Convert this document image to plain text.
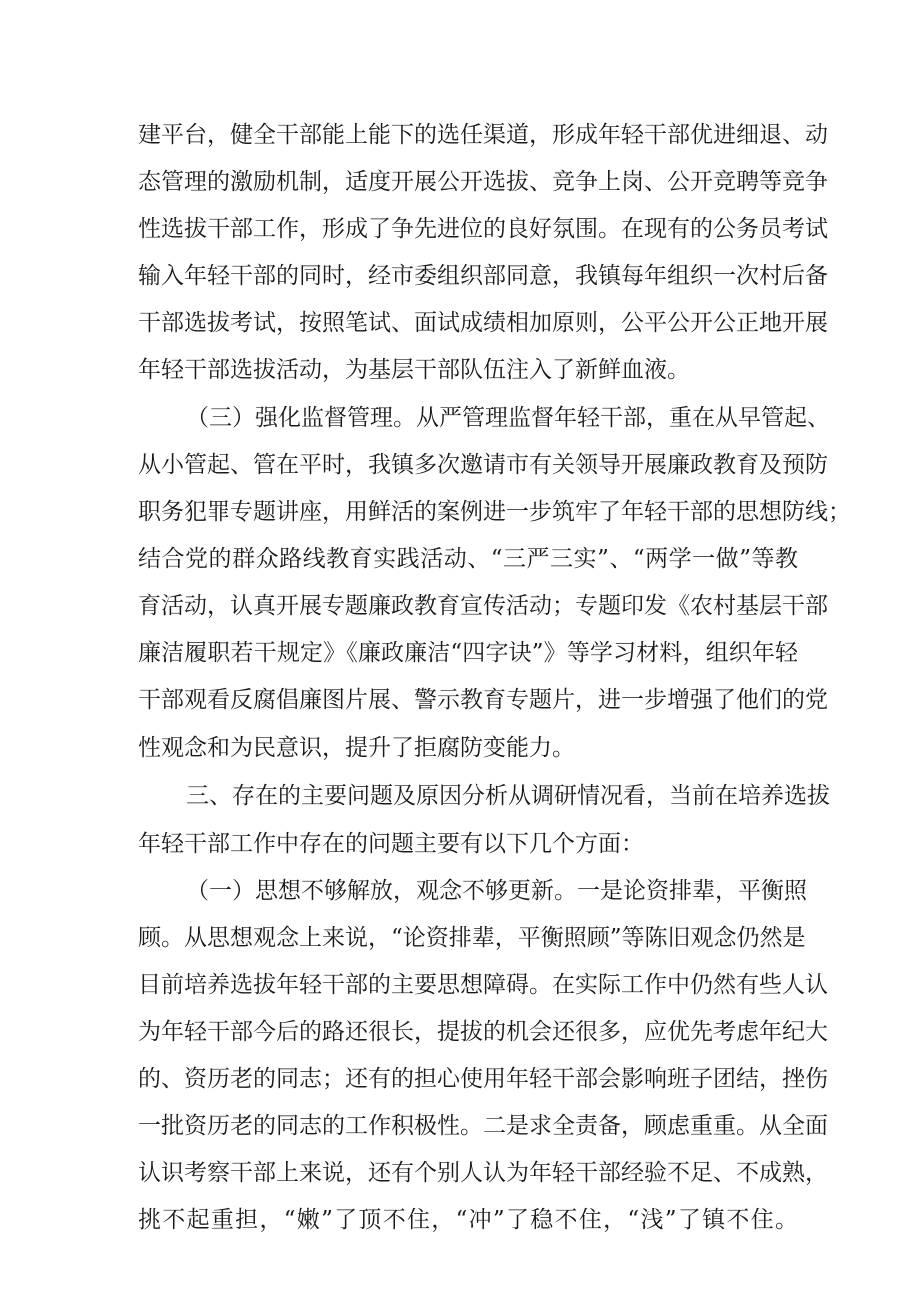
建平台，健全干部能上能下的选任渠道，形成年轻干部优进细退、动
态管理的激励机制，适度开展公开选拔、竞争上岗、公开竞聘等竞争
性选拔干部工作，形成了争先进位的良好氛围。在现有的公务员考试
输入年轻干部的同时，经市委组织部同意，我镇每年组织一次村后备
干部选拔考试，按照笔试、面试成绩相加原则，公平公开公正地开展
年轻干部选拔活动，为基层干部队伍注入了新鲜血液。
（三）强化监督管理。从严管理监督年轻干部，重在从早管起、
从小管起、管在平时，我镇多次邀请市有关领导开展廉政教育及预防
职务犯罪专题讲座，用鲜活的案例进一步筑牢了年轻干部的思想防线；
结合党的群众路线教育实践活动、“三严三实”、“两学一做”等教
育活动，认真开展专题廉政教育宣传活动；专题印发《农村基层干部
廉洁履职若干规定》《廉政廉洁“四字诀”》等学习材料，组织年轻
干部观看反腐倡廉图片展、警示教育专题片，进一步增强了他们的党
性观念和为民意识，提升了拒腐防变能力。
三、存在的主要问题及原因分析从调研情况看，当前在培养选拔
年轻干部工作中存在的问题主要有以下几个方面：
（一）思想不够解放，观念不够更新。一是论资排辈，平衡照
顾。从思想观念上来说，“论资排辈，平衡照顾”等陈旧观念仍然是
目前培养选拔年轻干部的主要思想障碍。在实际工作中仍然有些人认
为年轻干部今后的路还很长，提拔的机会还很多，应优先考虑年纪大
的、资历老的同志；还有的担心使用年轻干部会影响班子团结，挫伤
一批资历老的同志的工作积极性。二是求全责备，顾虑重重。从全面
认识考察干部上来说，还有个别人认为年轻干部经验不足、不成熟，
挑不起重担，“嫩”了顶不住，“冲”了稳不住，“浅”了镇不住。
